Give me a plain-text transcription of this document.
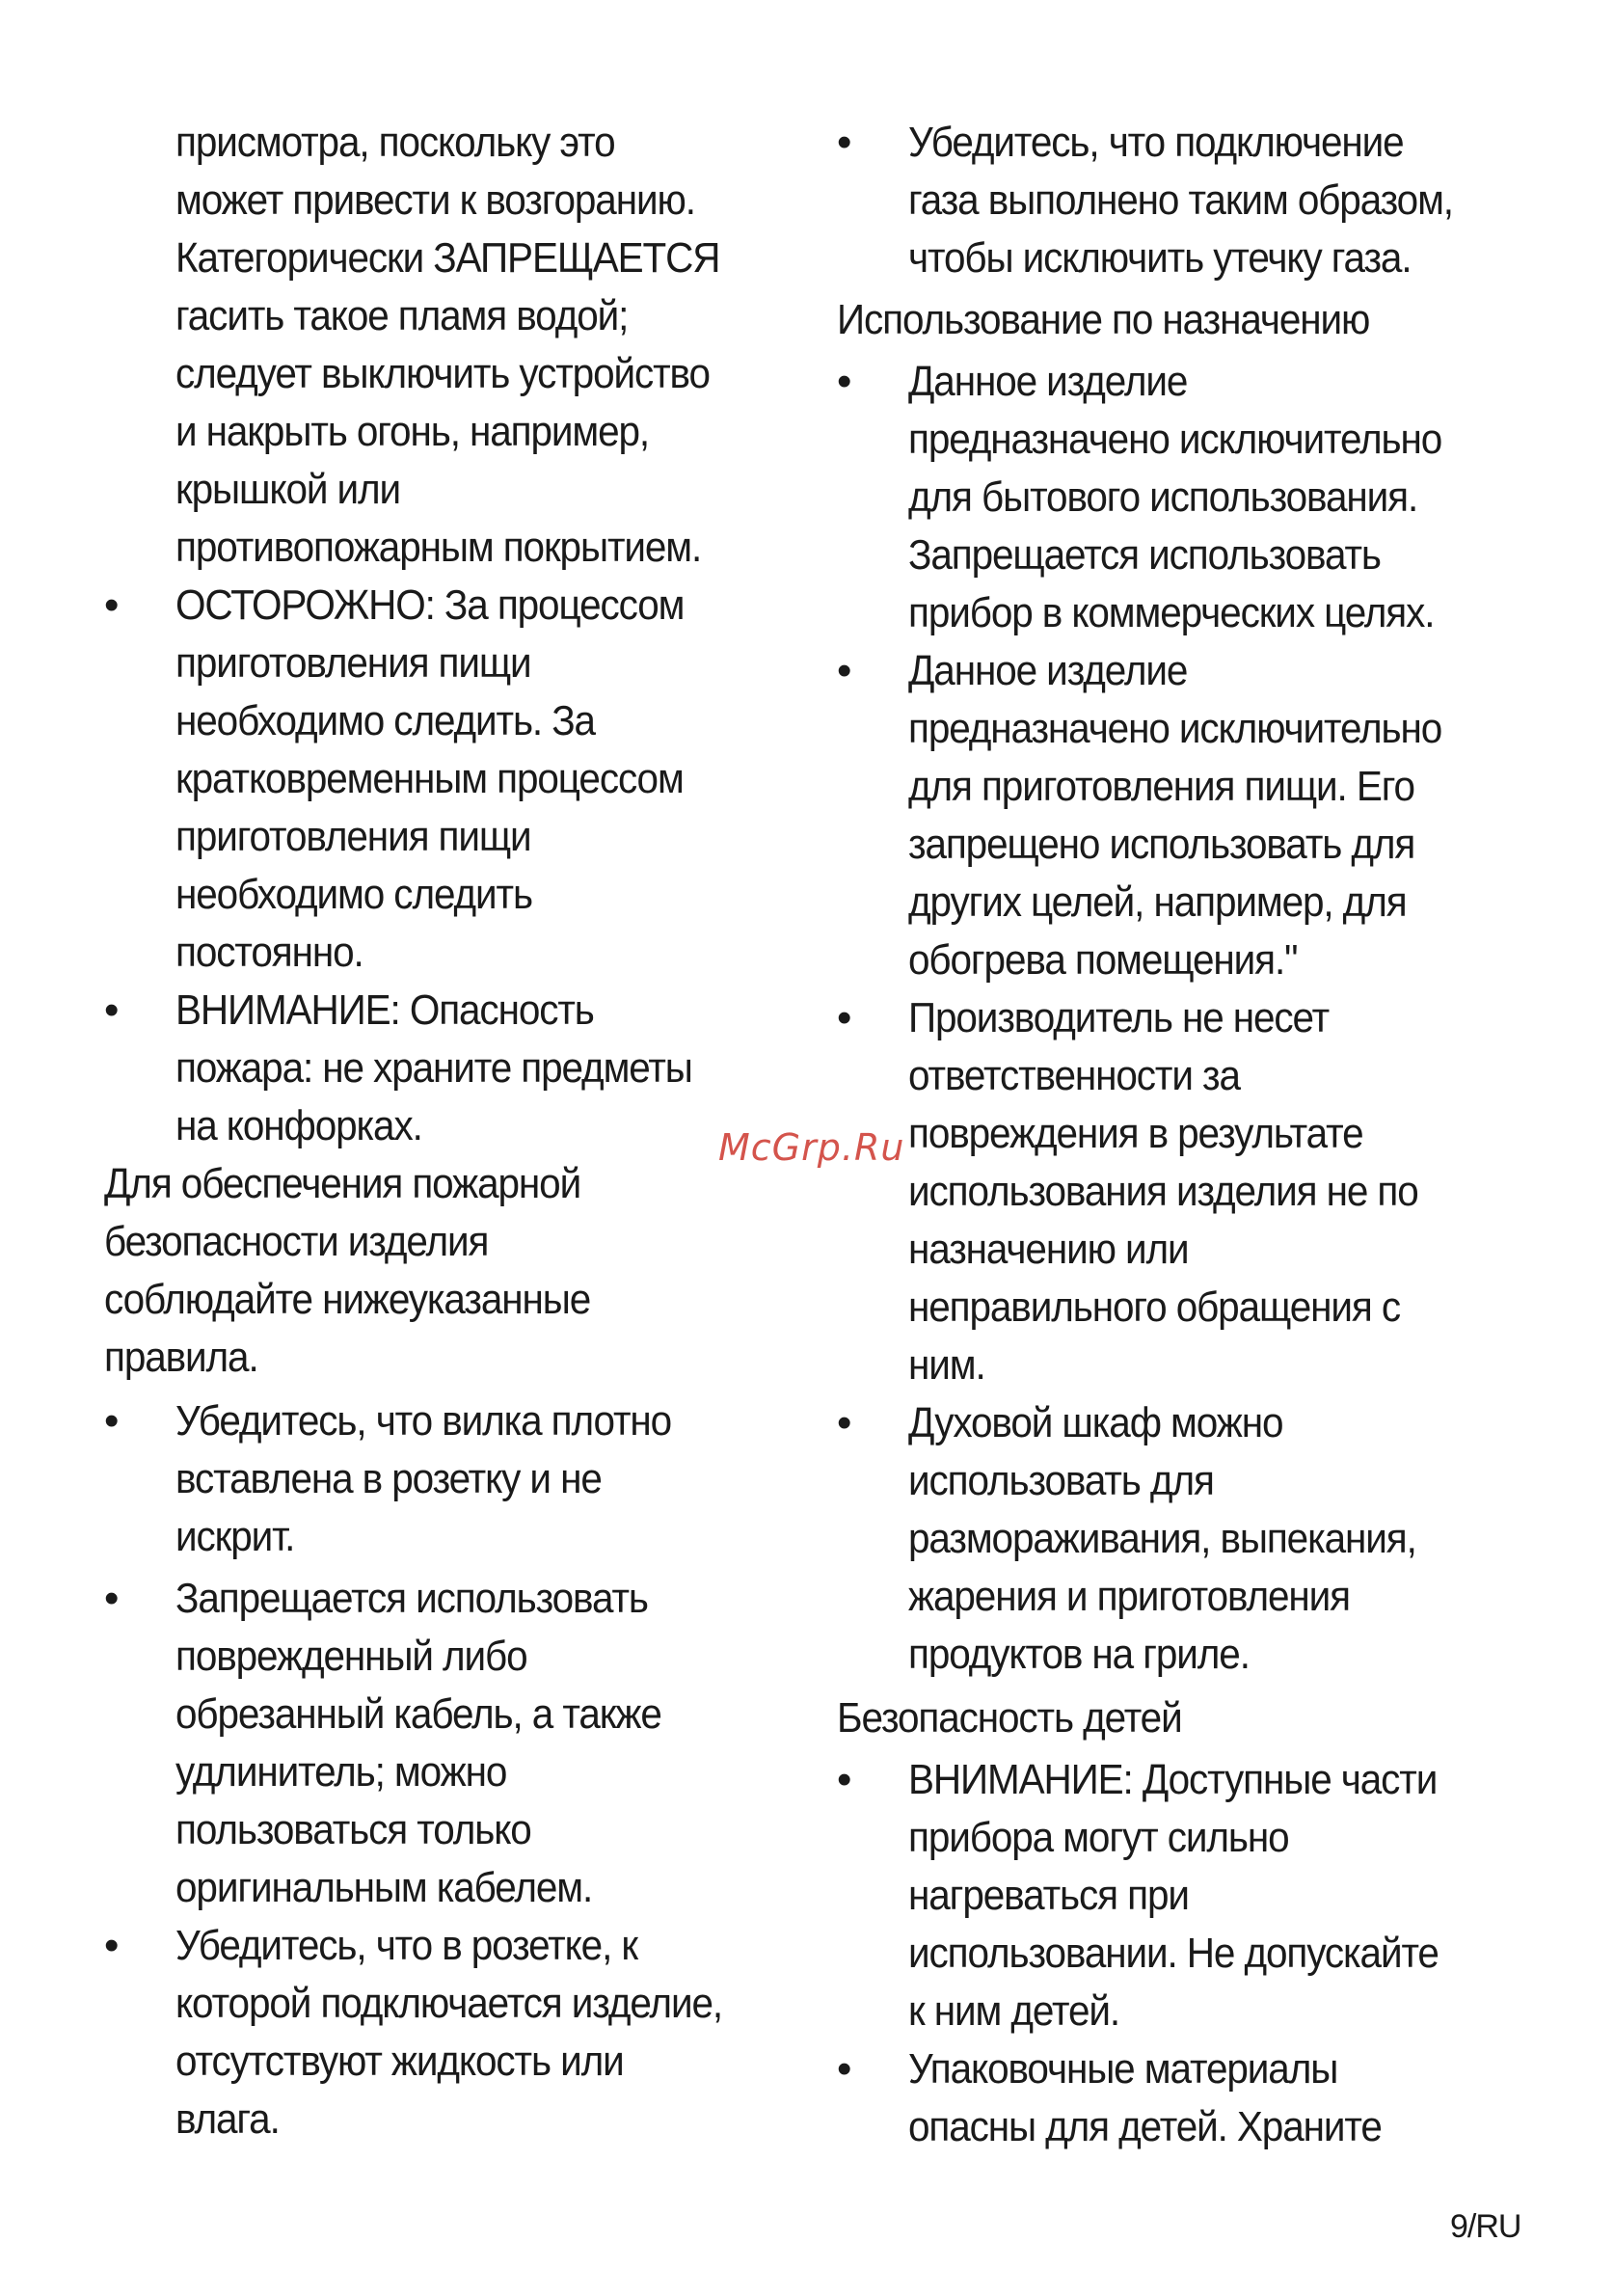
присмотра, поскольку это
может привести к возгоранию.
Категорически ЗАПРЕЩАЕТСЯ
гасить такое пламя водой;
следует выключить устройство
и накрыть огонь, например,
крышкой или
противопожарным покрытием.
• ОСТОРОЖНО: За процессом
приготовления пищи
необходимо следить. За
кратковременным процессом
приготовления пищи
необходимо следить
постоянно.
• ВНИМАНИЕ: Опасность
пожара: не храните предметы
на конфорках.
Для обеспечения пожарной
безопасности изделия
соблюдайте нижеуказанные
правила.
• Убедитесь, что вилка плотно
вставлена в розетку и не
искрит.
• Запрещается использовать
поврежденный либо
обрезанный кабель, а также
удлинитель; можно
пользоваться только
оригинальным кабелем.
• Убедитесь, что в розетке, к
которой подключается изделие,
отсутствуют жидкость или
влага.
• Убедитесь, что подключение
газа выполнено таким образом,
чтобы исключить утечку газа.
Использование по назначению
• Данное изделие
предназначено исключительно
для бытового использования.
Запрещается использовать
прибор в коммерческих целях.
• Данное изделие
предназначено исключительно
для приготовления пищи. Его
запрещено использовать для
других целей, например, для
обогрева помещения."
• Производитель не несет
ответственности за
повреждения в результате
использования изделия не по
назначению или
неправильного обращения с
ним.
• Духовой шкаф можно
использовать для
размораживания, выпекания,
жарения и приготовления
продуктов на гриле.
Безопасность детей
• ВНИМАНИЕ: Доступные части
прибора могут сильно
нагреваться при
использовании. Не допускайте
к ним детей.
• Упаковочные материалы
опасны для детей. Храните
McGrp.Ru
9/RU
